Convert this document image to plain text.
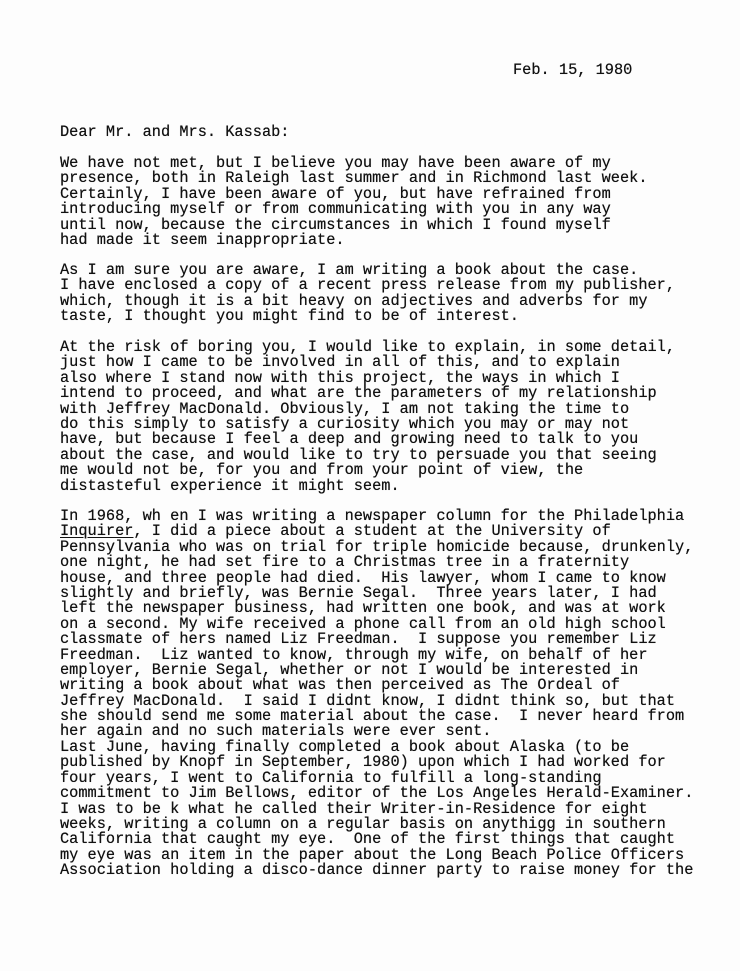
Feb. 15, 1980
Dear Mr. and Mrs. Kassab:
We have not met, but I believe you may have been aware of my
presence, both in Raleigh last summer and in Richmond last week.
Certainly, I have been aware of you, but have refrained from
introducing myself or from communicating with you in any way
until now, because the circumstances in which I found myself
had made it seem inappropriate.
As I am sure you are aware, I am writing a book about the case.
I have enclosed a copy of a recent press release from my publisher,
which, though it is a bit heavy on adjectives and adverbs for my
taste, I thought you might find to be of interest.
At the risk of boring you, I would like to explain, in some detail,
just how I came to be involved in all of this, and to explain
also where I stand now with this project, the ways in which I
intend to proceed, and what are the parameters of my relationship
with Jeffrey MacDonald. Obviously, I am not taking the time to
do this simply to satisfy a curiosity which you may or may not
have, but because I feel a deep and growing need to talk to you
about the case, and would like to try to persuade you that seeing
me would not be, for you and from your point of view, the
distasteful experience it might seem.
In 1968, wh en I was writing a newspaper column for the Philadelphia
Inquirer, I did a piece about a student at the University of
Pennsylvania who was on trial for triple homicide because, drunkenly,
one night, he had set fire to a Christmas tree in a fraternity
house, and three people had died.  His lawyer, whom I came to know
slightly and briefly, was Bernie Segal.  Three years later, I had
left the newspaper business, had written one book, and was at work
on a second. My wife received a phone call from an old high school
classmate of hers named Liz Freedman.  I suppose you remember Liz
Freedman.  Liz wanted to know, through my wife, on behalf of her
employer, Bernie Segal, whether or not I would be interested in
writing a book about what was then perceived as The Ordeal of
Jeffrey MacDonald.  I said I didnt know, I didnt think so, but that
she should send me some material about the case.  I never heard from
her again and no such materials were ever sent.
Last June, having finally completed a book about Alaska (to be
published by Knopf in September, 1980) upon which I had worked for
four years, I went to California to fulfill a long-standing
commitment to Jim Bellows, editor of the Los Angeles Herald-Examiner.
I was to be k what he called their Writer-in-Residence for eight
weeks, writing a column on a regular basis on anythigg in southern
California that caught my eye.  One of the first things that caught
my eye was an item in the paper about the Long Beach Police Officers
Association holding a disco-dance dinner party to raise money for the
